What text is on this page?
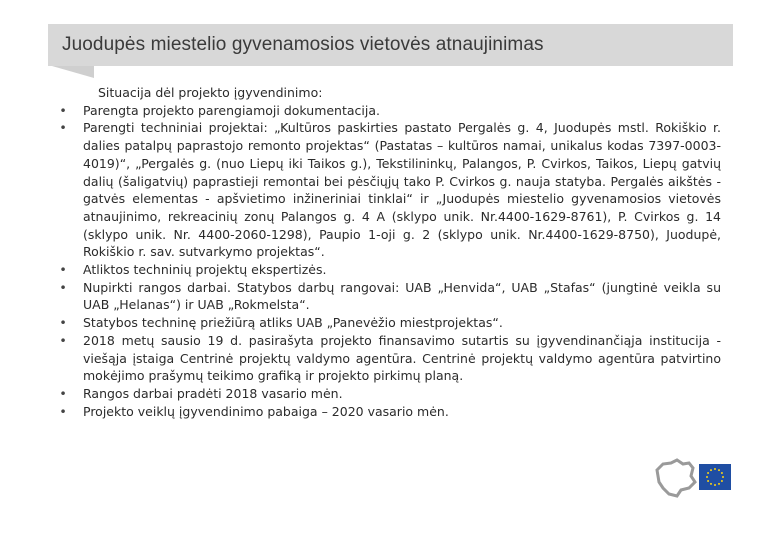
Juodupės miestelio gyvenamosios vietovės atnaujinimas
Situacija dėl projekto įgyvendinimo:
• Parengta projekto parengiamoji dokumentacija.
• Parengti techniniai projektai: „Kultūros paskirties pastato Pergalės g. 4, Juodupės mstl. Rokiškio r. dalies patalpų paprastojo remonto projektas“ (Pastatas – kultūros namai, unikalus kodas 7397-0003-4019)“, „Pergalės g. (nuo Liepų iki Taikos g.), Tekstilininkų, Palangos, P. Cvirkos, Taikos, Liepų gatvių dalių (šaligatvių) paprastieji remontai bei pėsčiųjų tako P. Cvirkos g. nauja statyba. Pergalės aikštės - gatvės elementas - apšvietimo inžineriniai tinklai“ ir „Juodupės miestelio gyvenamosios vietovės atnaujinimo, rekreacinių zonų Palangos g. 4 A (sklypo unik. Nr.4400-1629-8761), P. Cvirkos g. 14 (sklypo unik. Nr. 4400-2060-1298), Paupio 1-oji g. 2 (sklypo unik. Nr.4400-1629-8750), Juodupė, Rokiškio r. sav. sutvarkymo projektas“.
• Atliktos techninių projektų ekspertizės.
• Nupirkti rangos darbai. Statybos darbų rangovai: UAB „Henvida“, UAB „Stafas“ (jungtinė veikla su UAB „Helanas“) ir UAB „Rokmelsta“.
• Statybos techninę priežiūrą atliks UAB „Panevėžio miestprojektas“.
• 2018 metų sausio 19 d. pasirašyta projekto finansavimo sutartis su įgyvendinančiąja institucija - viešąja įstaiga Centrinė projektų valdymo agentūra. Centrinė projektų valdymo agentūra patvirtino mokėjimo prašymų teikimo grafiką ir projekto pirkimų planą.
• Rangos darbai pradėti 2018 vasario mėn.
• Projekto veiklų įgyvendinimo pabaiga – 2020 vasario mėn.
